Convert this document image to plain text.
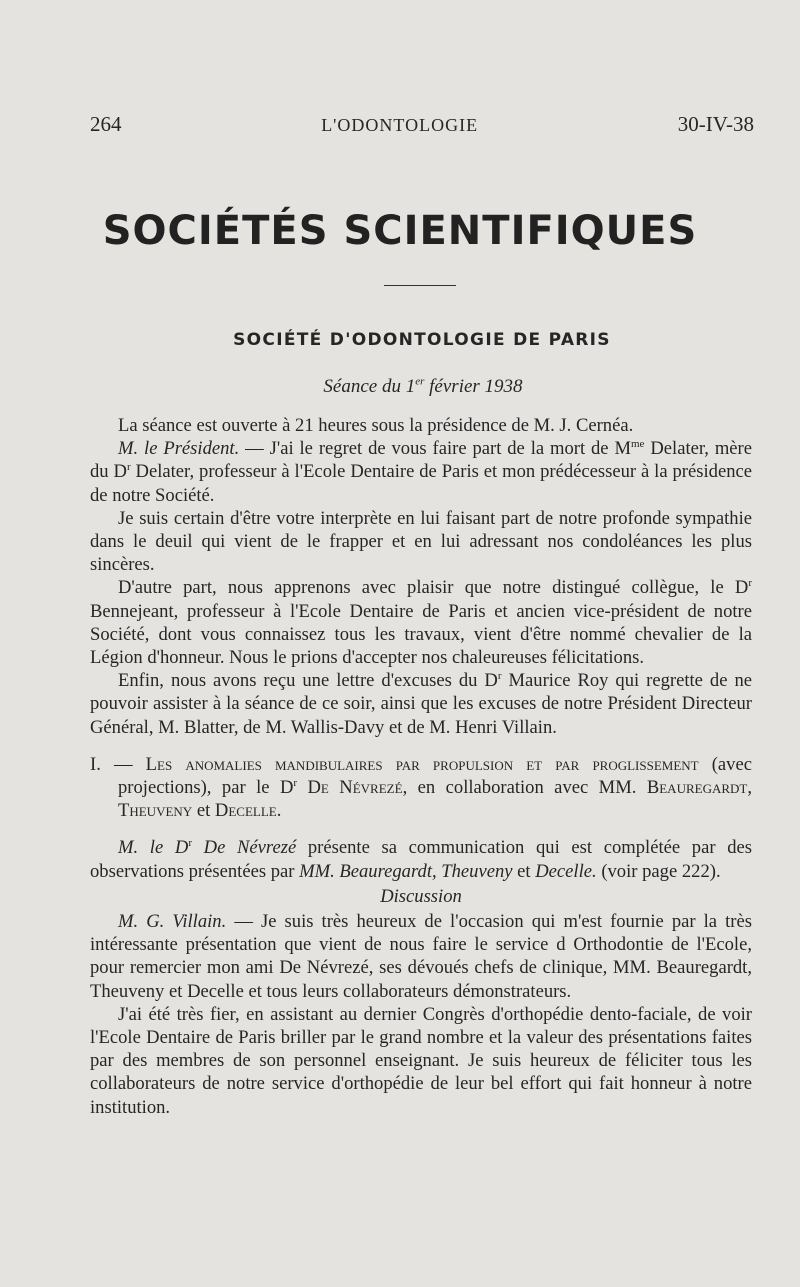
264	L'ODONTOLOGIE	30-IV-38
SOCIÉTÉS SCIENTIFIQUES
SOCIÉTÉ D'ODONTOLOGIE DE PARIS
Séance du 1er février 1938

La séance est ouverte à 21 heures sous la présidence de M. J. Cernéa.

M. le Président. — J'ai le regret de vous faire part de la mort de $M^{me}$ Delater, mère du $D^r$ Delater, professeur à l'Ecole Dentaire de Paris et mon prédécesseur à la présidence de notre Société.

Je suis certain d'être votre interprète en lui faisant part de notre profonde sympathie dans le deuil qui vient de le frapper et en lui adressant nos condoléances les plus sincères.

D'autre part, nous apprenons avec plaisir que notre distingué collègue, le $D^r$ Bennejeant, professeur à l'Ecole Dentaire de Paris et ancien vice-président de notre Société, dont vous connaissez tous les travaux, vient d'être nommé chevalier de la Légion d'honneur. Nous le prions d'accepter nos chaleureuses félicitations.

Enfin, nous avons reçu une lettre d'excuses du $D^r$ Maurice Roy qui regrette de ne pouvoir assister à la séance de ce soir, ainsi que les excuses de notre Président Directeur Général, M. Blatter, de M. Wallis-Davy et de M. Henri Villain.

I. — Les anomalies mandibulaires par propulsion et par proglissement (avec projections), par le $D^r$ De Névrezé, en collaboration avec MM. Beauregardt, Theuveny et Decelle.

M. le $D^r$ De Névrezé présente sa communication qui est complétée par des observations présentées par MM. Beauregardt, Theuveny et Decelle. (voir page 222).

Discussion

M. G. Villain. — Je suis très heureux de l'occasion qui m'est fournie par la très intéressante présentation que vient de nous faire le service d Orthodontie de l'Ecole, pour remercier mon ami De Névrezé, ses dévoués chefs de clinique, MM. Beauregardt, Theuveny et Decelle et tous leurs collaborateurs démonstrateurs.

J'ai été très fier, en assistant au dernier Congrès d'orthopédie dento-faciale, de voir l'Ecole Dentaire de Paris briller par le grand nombre et la valeur des présentations faites par des membres de son personnel enseignant. Je suis heureux de féliciter tous les collaborateurs de notre service d'orthopédie de leur bel effort qui fait honneur à notre institution.
